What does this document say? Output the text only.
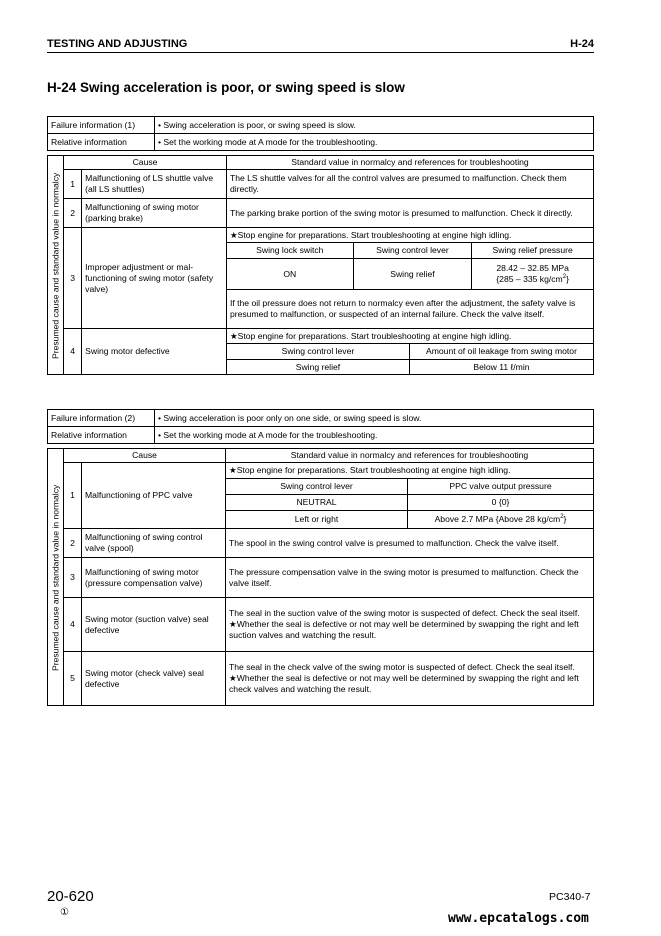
TESTING AND ADJUSTING	H-24
H-24 Swing acceleration is poor, or swing speed is slow
Failure information (1)	• Swing acceleration is poor, or swing speed is slow.
Relative information	• Set the working mode at A mode for the troubleshooting.
Presumed cause and standard value in normalcy	Cause		Standard value in normalcy and references for troubleshooting			
	1	Malfunctioning of LS shuttle valve (all LS shuttles)	The LS shuttle valves for all the control valves are presumed to malfunction. Check them directly.			
	2	Malfunctioning of swing motor (parking brake)	The parking brake portion of the swing motor is presumed to malfunction. Check it directly.			
	3	Improper adjustment or mal-functioning of swing motor (safety valve)	★Stop engine for preparations. Start troubleshooting at engine high idling.			
			Swing lock switch	Swing control lever		Swing relief pressure
			ON	Swing relief		28.42 – 32.85 MPa
{285 – 335 $kg/cm^2$}
			If the oil pressure does not return to normalcy even after the adjustment, the safety valve is presumed to malfunction, or suspected of an internal failure. Check the valve itself.			
	4	Swing motor defective	★Stop engine for preparations. Start troubleshooting at engine high idling.			
			Swing control lever		Amount of oil leakage from swing motor	
			Swing relief		Below 11 ℓ/min	
Failure information (2)	• Swing acceleration is poor only on one side, or swing speed is slow.
Relative information	• Set the working mode at A mode for the troubleshooting.
Presumed cause and standard value in normalcy	Cause		Standard value in normalcy and references for troubleshooting	
	1	Malfunctioning of PPC valve	★Stop engine for preparations. Start troubleshooting at engine high idling.	
			Swing control lever	PPC valve output pressure
			NEUTRAL	0 {0}
			Left or right	Above 2.7 MPa {Above 28 $kg/cm^2$}
	2	Malfunctioning of swing control valve (spool)	The spool in the swing control valve is presumed to malfunction. Check the valve itself.	
	3	Malfunctioning of swing motor (pressure compensation valve)	The pressure compensation valve in the swing motor is presumed to malfunction. Check the valve itself.	
	4	Swing motor (suction valve) seal defective	The seal in the suction valve of the swing motor is suspected of defect. Check the seal itself.
★Whether the seal is defective or not may well be determined by swapping the right and left suction valves and watching the result.	

	5	Swing motor (check valve) seal defective	The seal in the check valve of the swing motor is suspected of defect. Check the seal itself.
★Whether the seal is defective or not may well be determined by swapping the right and left check valves and watching the result.	
20-620
①
PC340-7
www.epcatalogs.com
